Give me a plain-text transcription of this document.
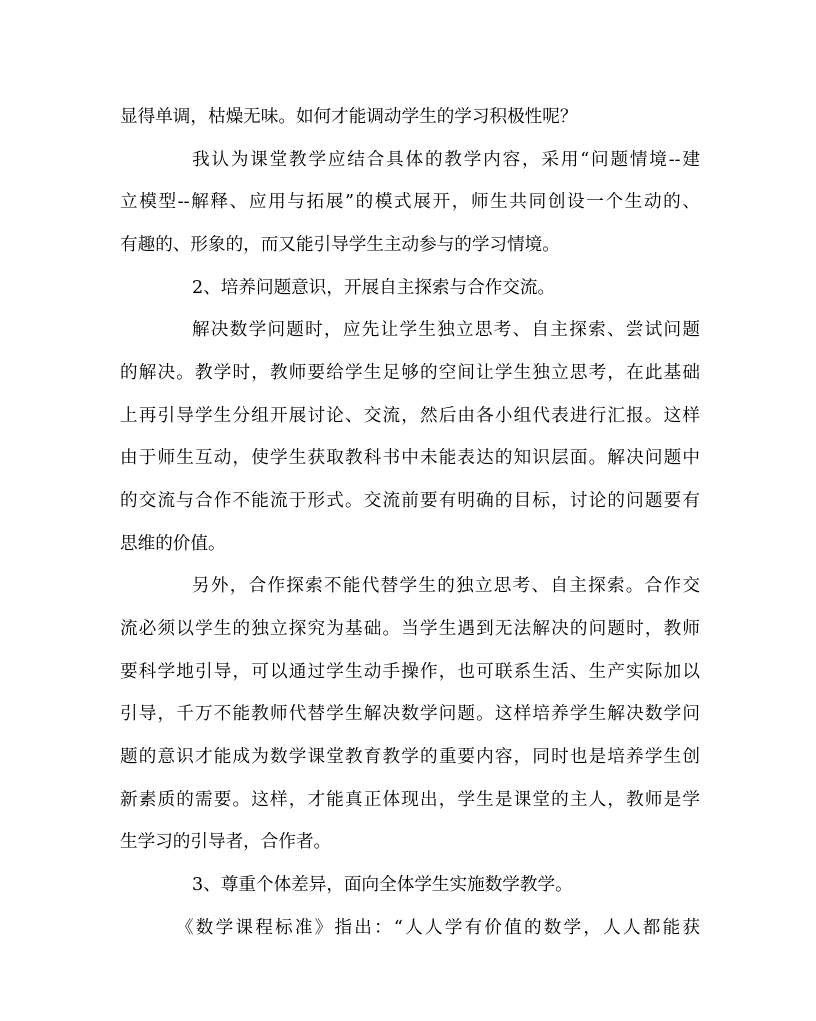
显得单调，枯燥无味。如何才能调动学生的学习积极性呢？
我认为课堂教学应结合具体的教学内容，采用“问题情境--建
立模型--解释、应用与拓展”的模式展开，师生共同创设一个生动的、
有趣的、形象的，而又能引导学生主动参与的学习情境。
2、培养问题意识，开展自主探索与合作交流。
解决数学问题时，应先让学生独立思考、自主探索、尝试问题
的解决。教学时，教师要给学生足够的空间让学生独立思考，在此基础
上再引导学生分组开展讨论、交流，然后由各小组代表进行汇报。这样
由于师生互动，使学生获取教科书中未能表达的知识层面。解决问题中
的交流与合作不能流于形式。交流前要有明确的目标，讨论的问题要有
思维的价值。
另外，合作探索不能代替学生的独立思考、自主探索。合作交
流必须以学生的独立探究为基础。当学生遇到无法解决的问题时，教师
要科学地引导，可以通过学生动手操作，也可联系生活、生产实际加以
引导，千万不能教师代替学生解决数学问题。这样培养学生解决数学问
题的意识才能成为数学课堂教育教学的重要内容，同时也是培养学生创
新素质的需要。这样，才能真正体现出，学生是课堂的主人，教师是学
生学习的引导者，合作者。
3、尊重个体差异，面向全体学生实施数学教学。
《数学课程标准》指出：“人人学有价值的数学，人人都能获
